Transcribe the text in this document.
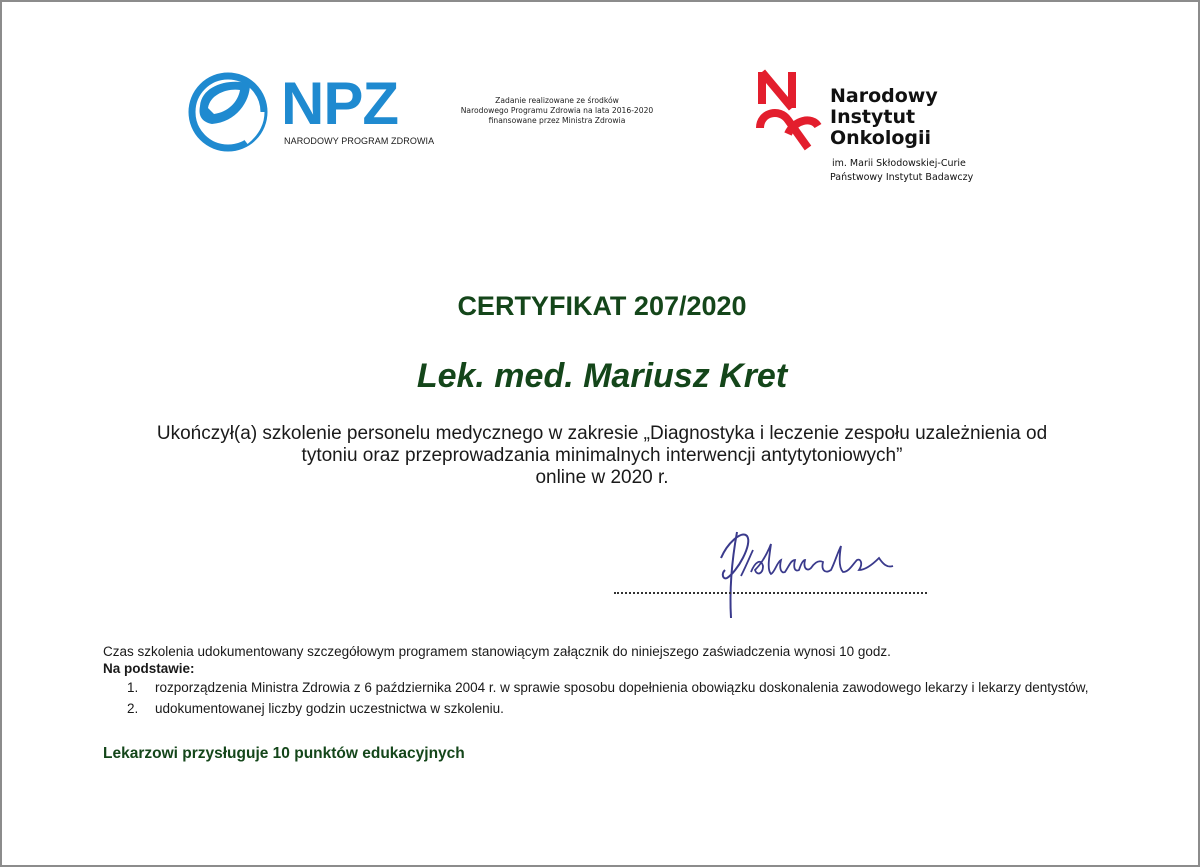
NPZ
NARODOWY PROGRAM ZDROWIA
Zadanie realizowane ze środków
Narodowego Programu Zdrowia na lata 2016-2020
finansowane przez Ministra Zdrowia
Narodowy
Instytut
Onkologii
im. Marii Skłodowskiej-Curie
Państwowy Instytut Badawczy
CERTYFIKAT 207/2020
Lek. med. Mariusz Kret
Ukończył(a) szkolenie personelu medycznego w zakresie „Diagnostyka i leczenie zespołu uzależnienia od
tytoniu oraz przeprowadzania minimalnych interwencji antytytoniowych”
online w 2020 r.
Czas szkolenia udokumentowany szczegółowym programem stanowiącym załącznik do niniejszego zaświadczenia wynosi 10 godz.
Na podstawie:
1. rozporządzenia Ministra Zdrowia z 6 października 2004 r. w sprawie sposobu dopełnienia obowiązku doskonalenia zawodowego lekarzy i lekarzy dentystów,
2. udokumentowanej liczby godzin uczestnictwa w szkoleniu.
Lekarzowi przysługuje 10 punktów edukacyjnych
